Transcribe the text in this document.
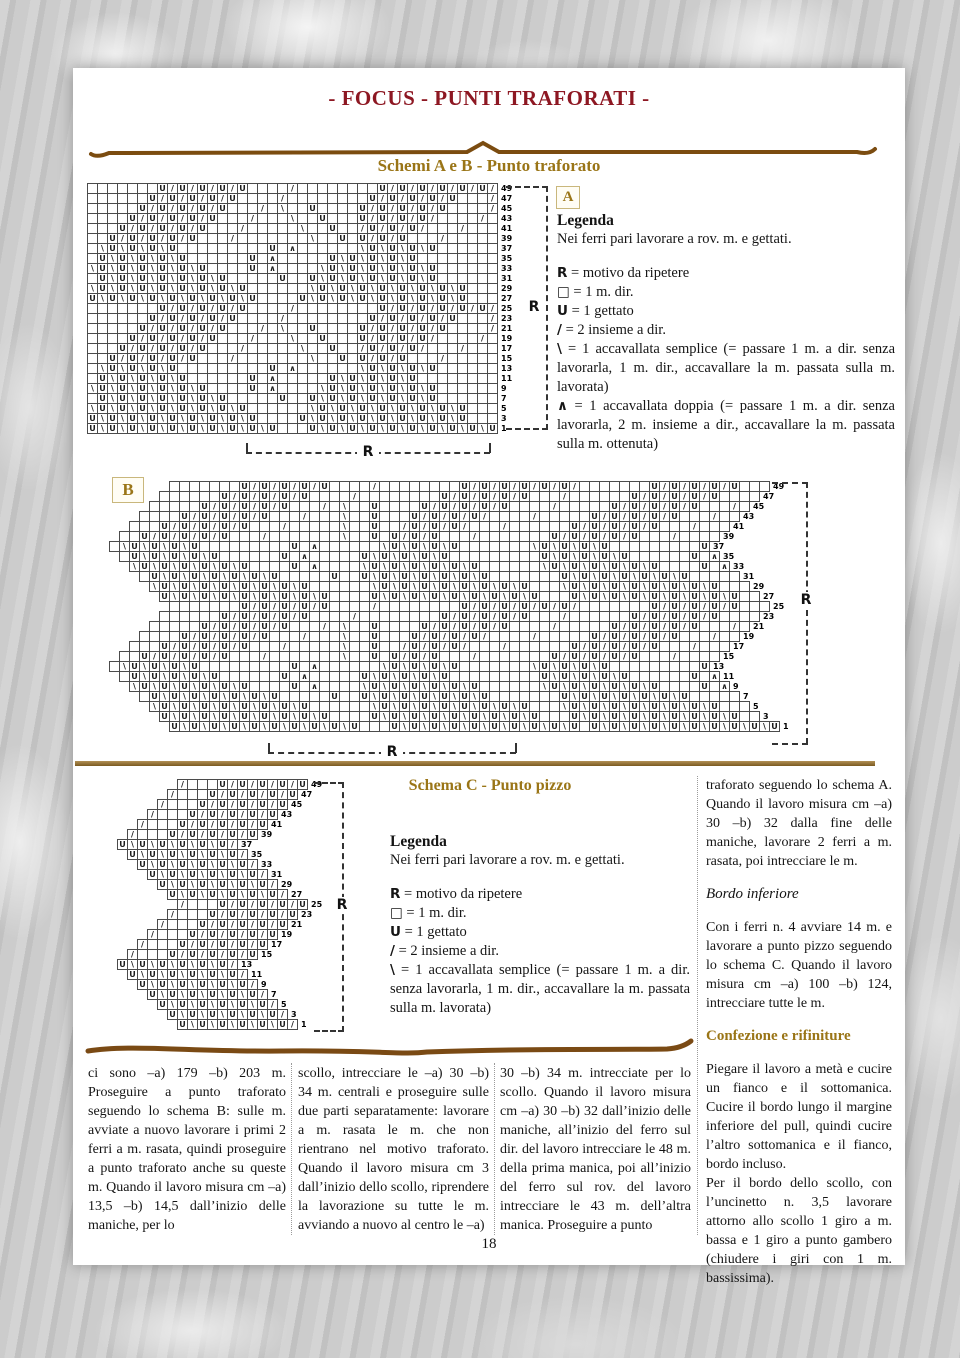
- FOCUS - PUNTI TRAFORATI -
Schemi A e B - Punto traforato
U / U / U / U / U	/	U / U / U / U / U / U / 49
U / U / U / U / U	/	U / U / U / U / U	/ 47
U / U / U / U / U	/	\	U	U / U / U / U / U	/ 45
U / U / U / U / U	/	\	U	U / U / U / U /	/	43
U / U / U / U / U	/	\	U	/ U / U / U /	/	41
U / U / U / U / U	/	\	U U / U / U	/	39
\ U \ U \ U \ U	U ∧	\ U \ U \ U \ U	37
U \ U \ U \ U \ U	U ∧	U \ U \ U \ U \ U	35
\ U \ U \ U \ U \ U \ U	U ∧	\ U \ U \ U \ U \ U \ U	33
U \ U \ U \ U \ U \ U \ U	U	U \ U \ U \ U \ U \ U \ U	31
\ U \ U \ U \ U \ U \ U \ U \ U	\ U \ U \ U \ U \ U \ U \ U \ U	29
U \ U \ U \ U \ U \ U \ U \ U \ U	U \ U \ U \ U \ U \ U \ U \ U \ U	27
U / U / U / U / U	/	U / U / U / U / U / U / 25
U / U / U / U / U	/	U / U / U / U / U	/ 23
U / U / U / U / U	/	\	U	U / U / U / U / U	/ 21
U / U / U / U / U	/	\	U	U / U / U / U /	/	19
U / U / U / U / U	/	\	U	/ U / U / U /	/	17
U / U / U / U / U	/	\	U U / U / U	/	15
\ U \ U \ U \ U	U ∧	\ U \ U \ U \ U	13
U \ U \ U \ U \ U	U ∧	U \ U \ U \ U \ U	11
\ U \ U \ U \ U \ U \ U	U ∧	\ U \ U \ U \ U \ U \ U	9
U \ U \ U \ U \ U \ U \ U	U	U \ U \ U \ U \ U \ U \ U	7
\ U \ U \ U \ U \ U \ U \ U \ U	\ U \ U \ U \ U \ U \ U \ U \ U	5
U \ U \ U \ U \ U \ U \ U \ U \ U	U \ U \ U \ U \ U \ U \ U \ U \ U	3
U \ U \ U \ U \ U \ U \ U \ U \ U \ U	U \ U \ U \ U \ U \ U \ U \ U \ U \ U 1
A
R
R
Legenda
Nei ferri pari lavorare a rov. m. e gettati.
R = motivo da ripetere
□ = 1 m. dir.
U = 1 gettato
/ = 2 insieme a dir.
\ = 1 accavallata semplice (= passare 1 m. a dir. senza lavorarla, 1 m. dir., accavallare la m. passata sulla m. lavorata)
∧ = 1 accavallata doppia (= passare 1 m. a dir. senza lavorarla, 2 m. insieme a dir., accavallare la m. passata sulla m. ottenuta)
U / U / U / U / U	/	U / U / U / U / U / U /	U / U / U / U / U	49
U / U / U / U / U	/	U / U / U / U / U	/	U / U / U / U / U	47
U / U / U / U / U	/	\	U	U / U / U / U / U	/	U / U / U / U / U	/	45
U / U / U / U / U	/	\	U	U / U / U / U /	/	U / U / U / U / U	/	43
U / U / U / U / U	/	\	U	/ U / U / U /	/	U / U / U / U / U	/	41
U / U / U / U / U	/	\	U U / U / U	/	U / U / U / U / U	/	39
\ U \ U \ U \ U	U ∧	\ U \ U \ U \ U	\ U \ U \ U \ U	U 37
U \ U \ U \ U \ U	U ∧	U \ U \ U \ U \ U	U \ U \ U \ U \ U	U ∧ 35
\ U \ U \ U \ U \ U \ U	U ∧	\ U \ U \ U \ U \ U \ U	\ U \ U \ U \ U \ U \ U	U ∧ 33
U \ U \ U \ U \ U \ U \ U	U	U \ U \ U \ U \ U \ U \ U	U \ U \ U \ U \ U \ U \ U	31
\ U \ U \ U \ U \ U \ U \ U \ U	\ U \ U \ U \ U \ U \ U \ U \ U	\ U \ U \ U \ U \ U \ U \ U \ U	29
U \ U \ U \ U \ U \ U \ U \ U \ U	U \ U \ U \ U \ U \ U \ U \ U \ U	U \ U \ U \ U \ U \ U \ U \ U \ U	27
U / U / U / U / U	/	U / U / U / U / U / U /	U / U / U / U / U	25
U / U / U / U / U	/	U / U / U / U / U	/	U / U / U / U / U	23
U / U / U / U / U	/	\	U	U / U / U / U / U	/	U / U / U / U / U	/	21
U / U / U / U / U	/	\	U	U / U / U / U /	/	U / U / U / U / U	/	19
U / U / U / U / U	/	\	U	/ U / U / U /	/	U / U / U / U / U	/	17
U / U / U / U / U	/	\	U U / U / U	/	U / U / U / U / U	/	15
\ U \ U \ U \ U	U ∧	\ U \ U \ U \ U	\ U \ U \ U \ U	U 13
U \ U \ U \ U \ U	U ∧	U \ U \ U \ U \ U	U \ U \ U \ U \ U	U ∧ 11
\ U \ U \ U \ U \ U \ U	U ∧	\ U \ U \ U \ U \ U \ U	\ U \ U \ U \ U \ U \ U	U ∧ 9
U \ U \ U \ U \ U \ U \ U	U	U \ U \ U \ U \ U \ U \ U	U \ U \ U \ U \ U \ U \ U	7
\ U \ U \ U \ U \ U \ U \ U \ U	\ U \ U \ U \ U \ U \ U \ U \ U	\ U \ U \ U \ U \ U \ U \ U \ U	5
U \ U \ U \ U \ U \ U \ U \ U \ U	U \ U \ U \ U \ U \ U \ U \ U \ U	U \ U \ U \ U \ U \ U \ U \ U \ U	3
U \ U \ U \ U \ U \ U \ U \ U \ U \ U	U \ U \ U \ U \ U \ U \ U \ U \ U \ U U \ U \ U \ U \ U \ U \ U \ U \ U \ U 1
B
R
R
Schema C - Punto pizzo
/	U / U / U / U / U 49
/	U / U / U / U / U 47
/	U / U / U / U / U 45
/	U / U / U / U / U 43
/	U / U / U / U / U 41
/	U / U / U / U / U 39
U \ U \ U \ U \ U \ U / 37
U \ U \ U \ U \ U \ U / 35
U \ U \ U \ U \ U \ U / 33
U \ U \ U \ U \ U \ U / 31
U \ U \ U \ U \ U \ U / 29
U \ U \ U \ U \ U \ U / 27
/	U / U / U / U / U 25
/	U / U / U / U / U 23
/	U / U / U / U / U 21
/	U / U / U / U / U 19
/	U / U / U / U / U 17
/	U / U / U / U / U 15
U \ U \ U \ U \ U \ U / 13
U \ U \ U \ U \ U \ U / 11
U \ U \ U \ U \ U \ U / 9
U \ U \ U \ U \ U \ U / 7
U \ U \ U \ U \ U \ U / 5
U \ U \ U \ U \ U \ U / 3
U \ U \ U \ U \ U \ U / 1
R
Legenda
Nei ferri pari lavorare a rov. m. e gettati.
R = motivo da ripetere
□ = 1 m. dir.
U = 1 gettato
/ = 2 insieme a dir.
\ = 1 accavallata semplice (= passare 1 m. a dir. senza lavorarla, 1 m. dir., accavallare la m. passata sulla m. lavorata)

traforato seguendo lo schema A. Quando il lavoro misura cm –a) 30 –b) 32 dalla fine delle maniche, lavorare 2 ferri a m. rasata, poi intrecciare le m.

Bordo inferiore

Con i ferri n. 4 avviare 14 m. e lavorare a punto pizzo seguendo lo schema C. Quando il lavoro misura cm –a) 100 –b) 124, intrecciare tutte le m.

Confezione e rifiniture

Piegare il lavoro a metà e cucire un fianco e il sottomanica. Cucire il bordo lungo il margine inferiore del pull, quindi cucire l’altro sottomanica e il fianco, bordo incluso.

Per il bordo dello scollo, con l’uncinetto n. 3,5 lavorare attorno allo scollo 1 giro a m. bassa e 1 giro a punto gambero (chiudere i giri con 1 m. bassissima).

ci sono –a) 179 –b) 203 m. Proseguire a punto traforato seguendo lo schema B: sulle m. avviate a nuovo lavorare i primi 2 ferri a m. rasata, quindi proseguire a punto traforato anche su queste m. Quando il lavoro misura cm –a) 13,5 –b) 14,5 dall’inizio delle maniche, per lo
scollo, intrecciare le –a) 30 –b) 34 m. centrali e proseguire sulle due parti separatamente: lavorare a m. rasata le m. che non rientrano nel motivo traforato. Quando il lavoro misura cm 3 dall’inizio dello scollo, riprendere la lavorazione su tutte le m. avviando a nuovo al centro le –a)
30 –b) 34 m. intrecciate per lo scollo. Quando il lavoro misura cm –a) 30 –b) 32 dall’inizio delle maniche, all’inizio del ferro sul dir. del lavoro intrecciare le 48 m. della prima manica, poi all’inizio del ferro sul rov. del lavoro intrecciare le 43 m. dell’altra manica. Proseguire a punto
18
